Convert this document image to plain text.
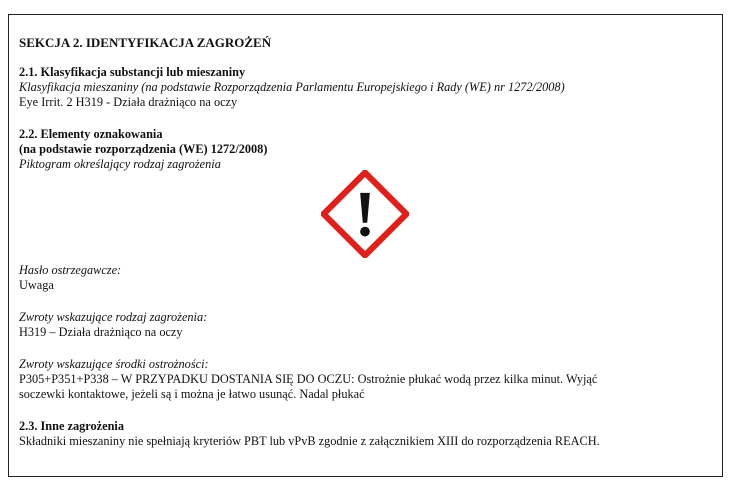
SEKCJA 2. IDENTYFIKACJA ZAGROŻEŃ
2.1. Klasyfikacja substancji lub mieszaniny
Klasyfikacja mieszaniny (na podstawie Rozporządzenia Parlamentu Europejskiego i Rady (WE) nr 1272/2008)
Eye Irrit. 2 H319 - Działa drażniąco na oczy
2.2. Elementy oznakowania
(na podstawie rozporządzenia (WE) 1272/2008)
Piktogram określający rodzaj zagrożenia
Hasło ostrzegawcze:
Uwaga
Zwroty wskazujące rodzaj zagrożenia:
H319 – Działa drażniąco na oczy
Zwroty wskazujące środki ostrożności:
P305+P351+P338 – W PRZYPADKU DOSTANIA SIĘ DO OCZU: Ostrożnie płukać wodą przez kilka minut. Wyjąć
soczewki kontaktowe, jeżeli są i można je łatwo usunąć. Nadal płukać
2.3. Inne zagrożenia
Składniki mieszaniny nie spełniają kryteriów PBT lub vPvB zgodnie z załącznikiem XIII do rozporządzenia REACH.
